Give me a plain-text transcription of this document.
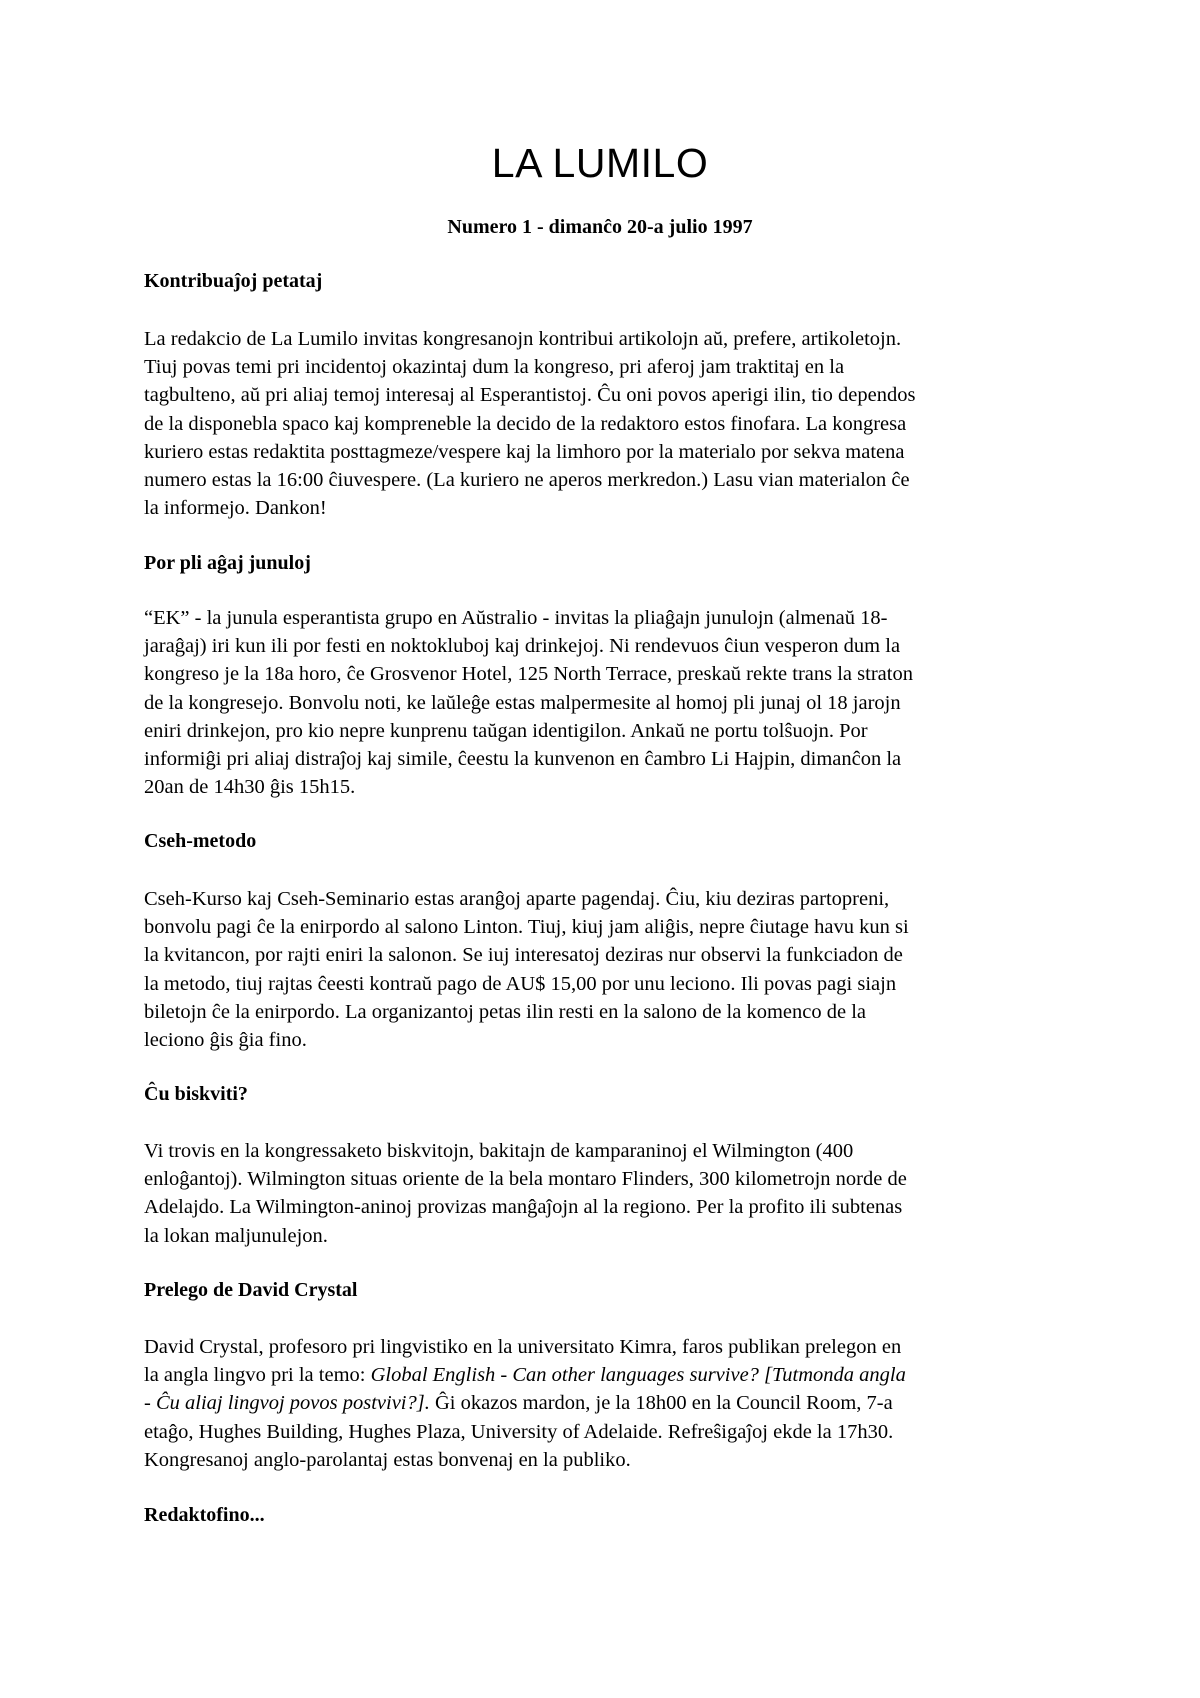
LA LUMILO

Numero 1 - dimanĉo 20-a julio 1997

Kontribuaĵoj petataj
La redakcio de La Lumilo invitas kongresanojn kontribui artikolojn aŭ, prefere, artikoletojn.
Tiuj povas temi pri incidentoj okazintaj dum la kongreso, pri aferoj jam traktitaj en la
tagbulteno, aŭ pri aliaj temoj interesaj al Esperantistoj. Ĉu oni povos aperigi ilin, tio dependos
de la disponebla spaco kaj kompreneble la decido de la redaktoro estos finofara. La kongresa
kuriero estas redaktita posttagmeze/vespere kaj la limhoro por la materialo por sekva matena
numero estas la 16:00 ĉiuvespere. (La kuriero ne aperos merkredon.) Lasu vian materialon ĉe
la informejo. Dankon!
Por pli aĝaj junuloj
“EK” - la junula esperantista grupo en Aŭstralio - invitas la pliaĝajn junulojn (almenaŭ 18-
jaraĝaj) iri kun ili por festi en noktokluboj kaj drinkejoj. Ni rendevuos ĉiun vesperon dum la
kongreso je la 18a horo, ĉe Grosvenor Hotel, 125 North Terrace, preskaŭ rekte trans la straton
de la kongresejo. Bonvolu noti, ke laŭleĝe estas malpermesite al homoj pli junaj ol 18 jarojn
eniri drinkejon, pro kio nepre kunprenu taŭgan identigilon. Ankaŭ ne portu tolŝuojn. Por
informiĝi pri aliaj distraĵoj kaj simile, ĉeestu la kunvenon en ĉambro Li Hajpin, dimanĉon la
20an de 14h30 ĝis 15h15.
Cseh-metodo
Cseh-Kurso kaj Cseh-Seminario estas aranĝoj aparte pagendaj. Ĉiu, kiu deziras partopreni,
bonvolu pagi ĉe la enirpordo al salono Linton. Tiuj, kiuj jam aliĝis, nepre ĉiutage havu kun si
la kvitancon, por rajti eniri la salonon. Se iuj interesatoj deziras nur observi la funkciadon de
la metodo, tiuj rajtas ĉeesti kontraŭ pago de AU$ 15,00 por unu leciono. Ili povas pagi siajn
biletojn ĉe la enirpordo. La organizantoj petas ilin resti en la salono de la komenco de la
leciono ĝis ĝia fino.
Ĉu biskviti?
Vi trovis en la kongressaketo biskvitojn, bakitajn de kamparaninoj el Wilmington (400
enloĝantoj). Wilmington situas oriente de la bela montaro Flinders, 300 kilometrojn norde de
Adelajdo. La Wilmington-aninoj provizas manĝaĵojn al la regiono. Per la profito ili subtenas
la lokan maljunulejon.
Prelego de David Crystal
David Crystal, profesoro pri lingvistiko en la universitato Kimra, faros publikan prelegon en
la angla lingvo pri la temo: Global English - Can other languages survive? [Tutmonda angla
- Ĉu aliaj lingvoj povos postvivi?]. Ĝi okazos mardon, je la 18h00 en la Council Room, 7-a
etaĝo, Hughes Building, Hughes Plaza, University of Adelaide. Refreŝigaĵoj ekde la 17h30.
Kongresanoj anglo-parolantaj estas bonvenaj en la publiko.
Redaktofino...
